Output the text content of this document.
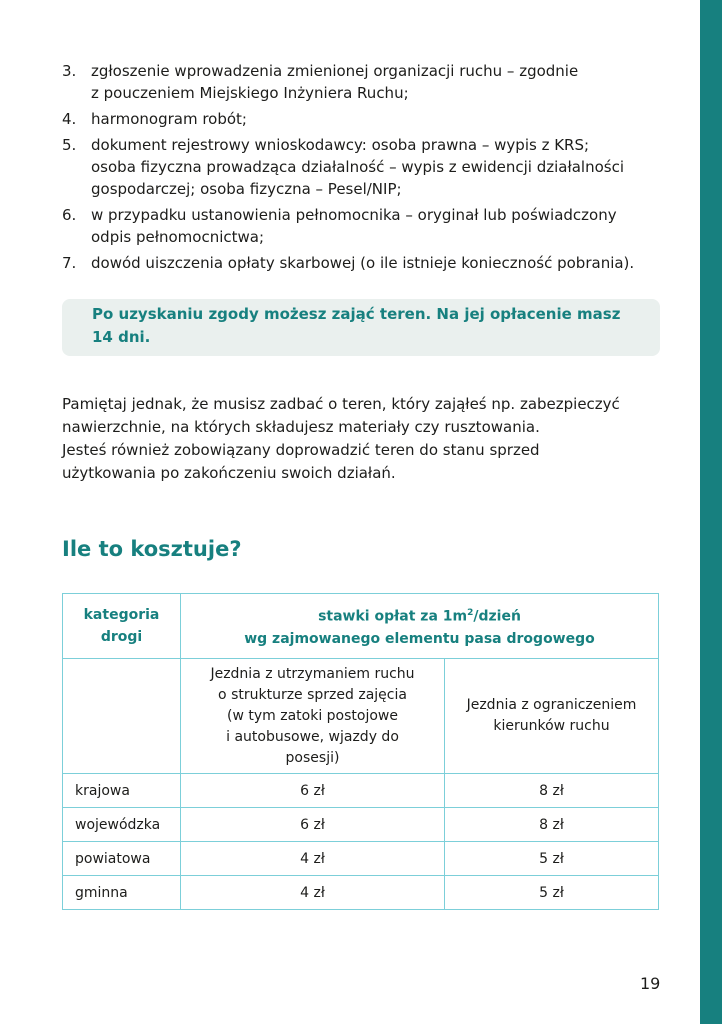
3. zgłoszenie wprowadzenia zmienionej organizacji ruchu – zgodnie
z pouczeniem Miejskiego Inżyniera Ruchu;
4. harmonogram robót;
5. dokument rejestrowy wnioskodawcy: osoba prawna – wypis z KRS;
osoba fizyczna prowadząca działalność – wypis z ewidencji działalności
gospodarczej; osoba fizyczna – Pesel/NIP;
6. w przypadku ustanowienia pełnomocnika – oryginał lub poświadczony
odpis pełnomocnictwa;
7. dowód uiszczenia opłaty skarbowej (o ile istnieje konieczność pobrania).

Po uzyskaniu zgody możesz zająć teren. Na jej opłacenie masz
14 dni.

Pamiętaj jednak, że musisz zadbać o teren, który zająłeś np. zabezpieczyć
nawierzchnie, na których składujesz materiały czy rusztowania.
Jesteś również zobowiązany doprowadzić teren do stanu sprzed
użytkowania po zakończeniu swoich działań.

Ile to kosztuje?
kategoria
drogi	stawki opłat za $1m^2$/dzień
wg zajmowanego elementu pasa drogowego	

	Jezdnia z utrzymaniem ruchu
o strukturze sprzed zajęcia
(w tym zatoki postojowe
i autobusowe, wjazdy do
posesji)	Jezdnia z ograniczeniem
kierunków ruchu

krajowa	6 zł	8 zł
wojewódzka	6 zł	8 zł
powiatowa	4 zł	5 zł
gminna	4 zł	5 zł
19
